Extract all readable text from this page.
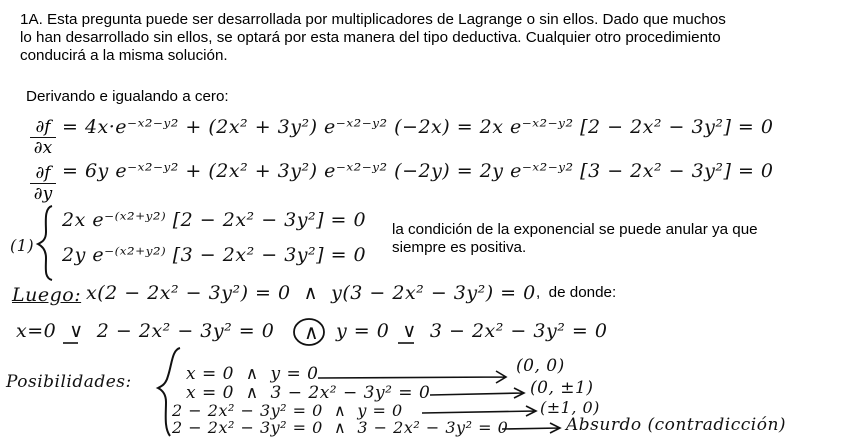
1A. Esta pregunta puede ser desarrollada por multiplicadores de Lagrange o sin ellos. Dado que muchos
lo han desarrollado sin ellos, se optará por esta manera del tipo deductiva. Cualquier otro procedimiento
conducirá a la misma solución.
Derivando e igualando a cero:
$\frac{\partial f}{\partial x}$ = 4x·e⁻ˣ²⁻ʸ² + (2x² + 3y²) e⁻ˣ²⁻ʸ² (−2x) = 2x e⁻ˣ²⁻ʸ² [2 − 2x² − 3y²] = 0
$\frac{\partial f}{\partial y} = 6y$ e⁻ˣ²⁻ʸ² + (2x² + 3y²) e⁻ˣ²⁻ʸ² (−2y) = 2y e⁻ˣ²⁻ʸ² [3 − 2x² − 3y²] = 0
(1)
2x e⁻⁽ˣ²⁺ʸ²⁾ [2 − 2x² − 3y²] = 0
2y e⁻⁽ˣ²⁺ʸ²⁾ [3 − 2x² − 3y²] = 0
la condición de la exponencial se puede anular ya que
siempre es positiva.
Luego: x(2 − 2x² − 3y²) = 0  ∧  y(3 − 2x² − 3y²) = 0 ,  de donde:
x=0  ∨  2 − 2x² − 3y² = 0 ∧ y = 0  ∨  3 − 2x² − 3y² = 0
Posibilidades:	x = 0  ∧  y = 0
x = 0  ∧  3 − 2x² − 3y² = 0
2 − 2x² − 3y² = 0  ∧  y = 0
2 − 2x² − 3y² = 0  ∧  3 − 2x² − 3y² = 0
(0, 0)
(0, ±1)
(±1, 0)
Absurdo (contradicción)
